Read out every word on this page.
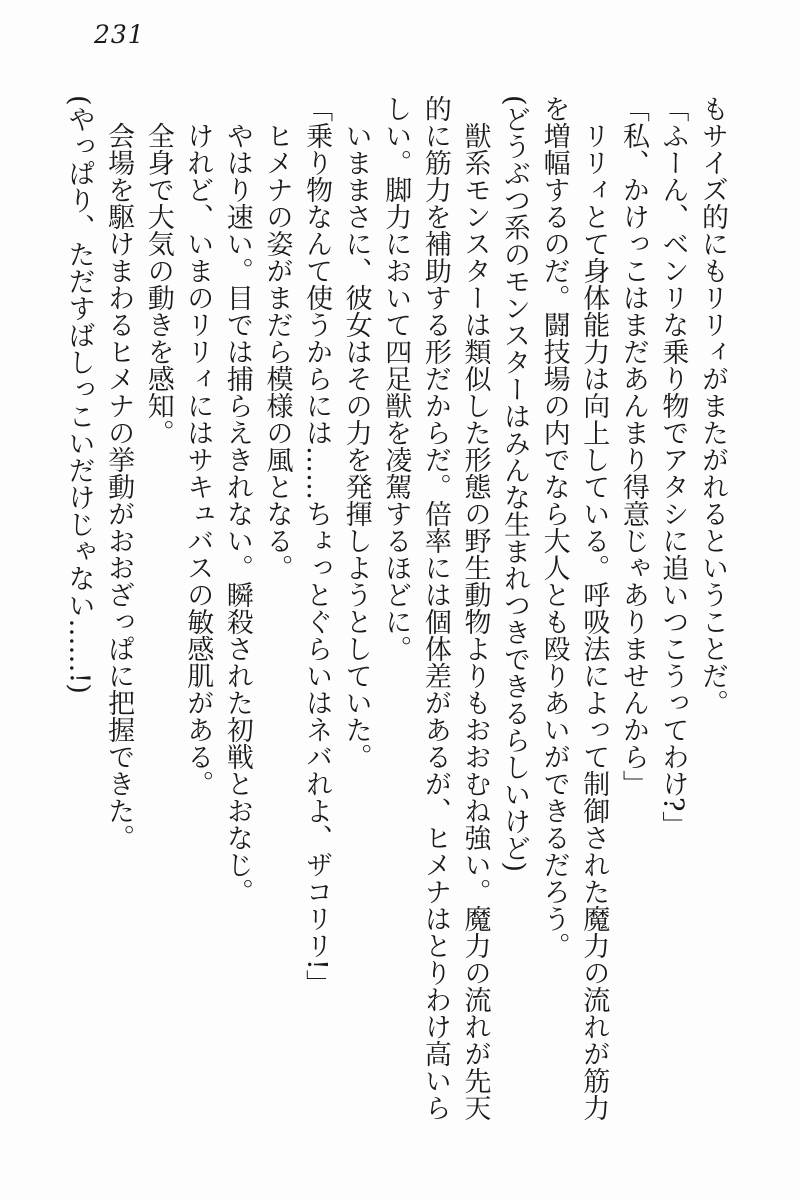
231

もサイズ的にもリリィがまたがれるということだ。

「ふーん、ベンリな乗り物でアタシに追いつこうってわけ?」

「私、かけっこはまだあんまり得意じゃありませんから」

リリィとて身体能力は向上している。呼吸法によって制御された魔力の流れが筋力

を増幅するのだ。闘技場の内でなら大人とも殴りあいができるだろう。

(どうぶつ系のモンスターはみんな生まれつきできるらしいけど)

獣系モンスターは類似した形態の野生動物よりもおおむね強い。魔力の流れが先天

的に筋力を補助する形だからだ。倍率には個体差があるが、ヒメナはとりわけ高いら

しい。脚力において四足獣を凌駕するほどに。

いままさに、彼女はその力を発揮しようとしていた。

「乗り物なんて使うからには……ちょっとぐらいはネバれよ、ザコリリ!」

ヒメナの姿がまだら模様の風となる。

やはり速い。目では捕らえきれない。瞬殺された初戦とおなじ。

けれど、いまのリリィにはサキュバスの敏感肌がある。

全身で大気の動きを感知。

会場を駆けまわるヒメナの挙動がおおざっぱに把握できた。

(やっぱり、ただすばしっこいだけじゃない……!)
